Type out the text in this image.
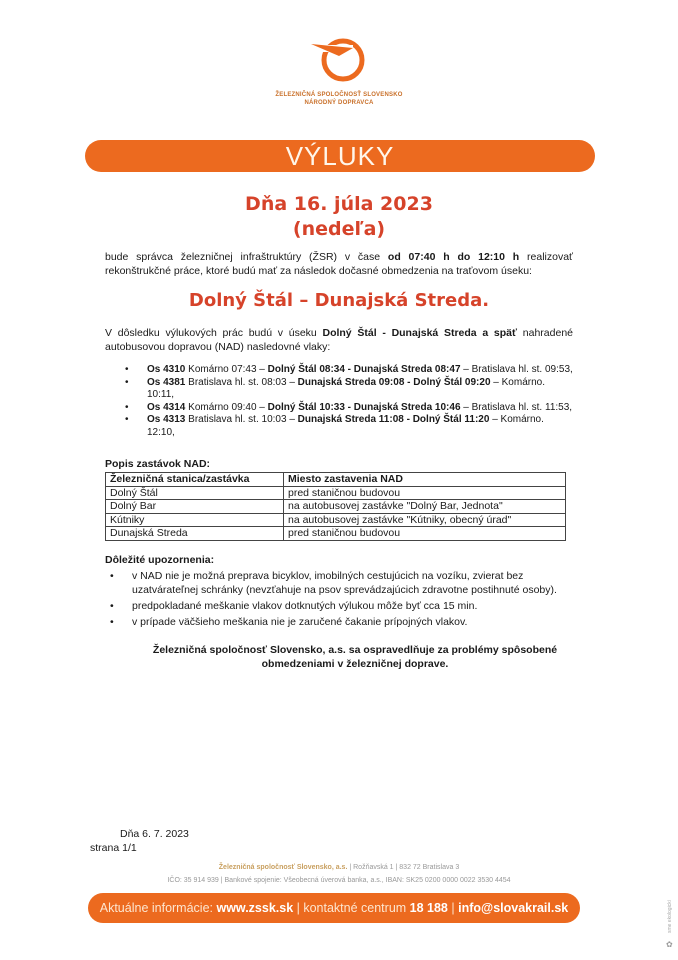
ŽELEZNIČNÁ SPOLOČNOSŤ SLOVENSKO
NÁRODNÝ DOPRAVCA
VÝLUKY
Dňa 16. júla 2023
(nedeľa)
bude správca železničnej infraštruktúry (ŽSR) v čase od 07:40 h do 12:10 h realizovať rekonštrukčné práce, ktoré budú mať za následok dočasné obmedzenia na traťovom úseku:
Dolný Štál – Dunajská Streda.
V dôsledku výlukových prác budú v úseku Dolný Štál - Dunajská Streda a späť nahradené autobusovou dopravou (NAD) nasledovné vlaky:
• Os 4310 Komárno 07:43 – Dolný Štál 08:34 - Dunajská Streda 08:47 – Bratislava hl. st. 09:53,
• Os 4381 Bratislava hl. st. 08:03 – Dunajská Streda 09:08 - Dolný Štál 09:20 – Komárno. 10:11,
• Os 4314 Komárno 09:40 – Dolný Štál 10:33 - Dunajská Streda 10:46 – Bratislava hl. st. 11:53,
• Os 4313 Bratislava hl. st. 10:03 – Dunajská Streda 11:08 - Dolný Štál 11:20 – Komárno. 12:10,
Popis zastávok NAD:
Železničná stanica/zastávka	Miesto zastavenia NAD
Dolný Štál	pred staničnou budovou
Dolný Bar	na autobusovej zastávke "Dolný Bar, Jednota"
Kútniky	na autobusovej zastávke "Kútniky, obecný úrad"
Dunajská Streda	pred staničnou budovou
Dôležité upozornenia:
• v NAD nie je možná preprava bicyklov, imobilných cestujúcich na vozíku, zvierat bez uzatvárateľnej schránky (nevzťahuje na psov sprevádzajúcich zdravotne postihnuté osoby).
• predpokladané meškanie vlakov dotknutých výlukou môže byť cca 15 min.
• v prípade väčšieho meškania nie je zaručené čakanie prípojných vlakov.
Železničná spoločnosť Slovensko, a.s. sa ospravedlňuje za problémy spôsobené obmedzeniami v železničnej doprave.
Dňa 6. 7. 2023
strana 1/1
Železničná spoločnosť Slovensko, a.s. | Rožňavská 1 | 832 72 Bratislava 3
IČO: 35 914 939 | Bankové spojenie: Všeobecná úverová banka, a.s., IBAN: SK25 0200 0000 0022 3530 4454
Aktuálne informácie: www.zssk.sk | kontaktné centrum 18 188 | info@slovakrail.sk	sme ekologickí
✿
